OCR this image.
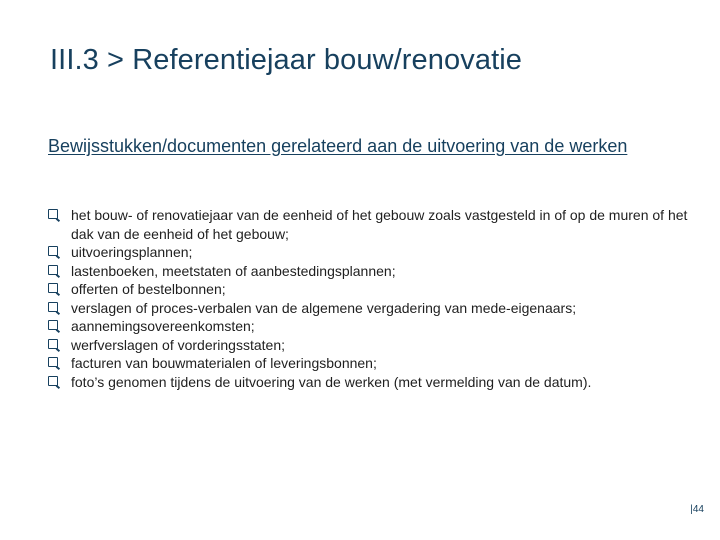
III.3 > Referentiejaar bouw/renovatie
Bewijsstukken/documenten gerelateerd aan de uitvoering van de werken
het bouw- of renovatiejaar van de eenheid of het gebouw zoals vastgesteld in of op de muren of het dak van de eenheid of het gebouw;
uitvoeringsplannen;
lastenboeken, meetstaten of aanbestedingsplannen;
offerten of bestelbonnen;
verslagen of proces-verbalen van de algemene vergadering van mede-eigenaars;
aannemingsovereenkomsten;
werfverslagen of vorderingsstaten;
facturen van bouwmaterialen of leveringsbonnen;
foto’s genomen tijdens de uitvoering van de werken (met vermelding van de datum).
|44
